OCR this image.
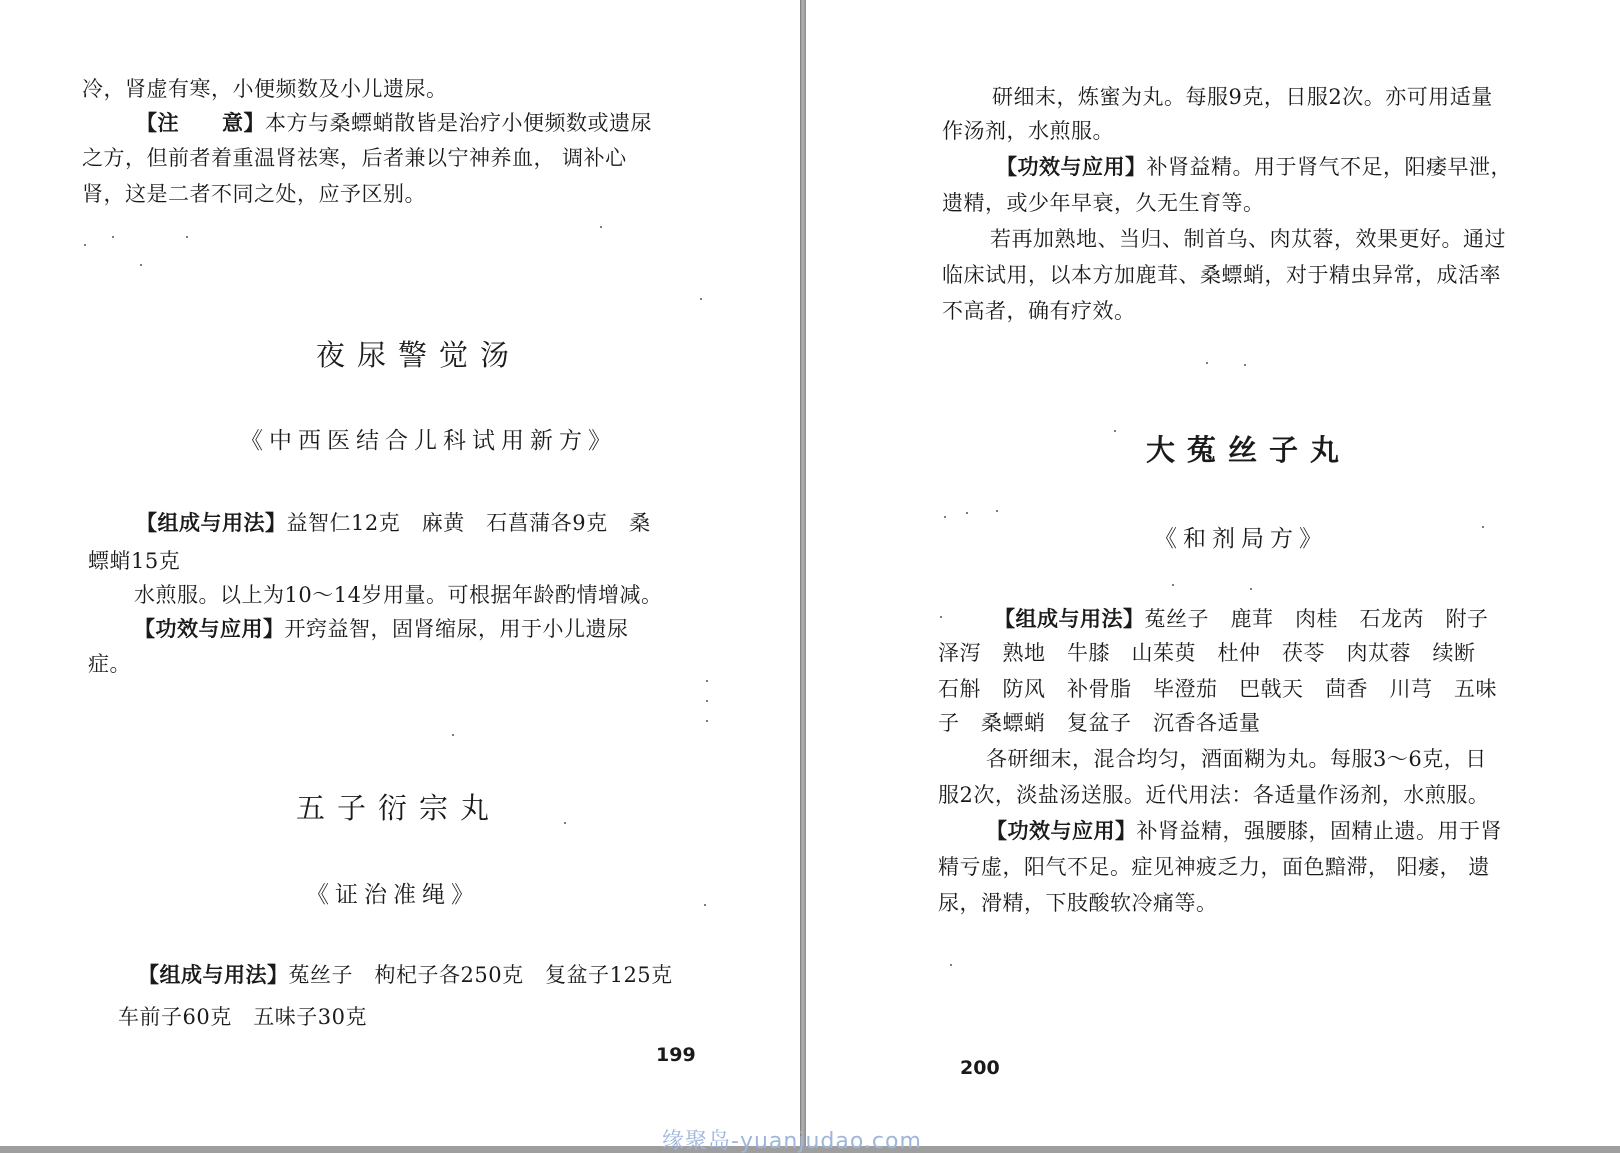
冷，肾虚有寒，小便频数及小儿遗尿。
【注　　意】本方与桑螵蛸散皆是治疗小便频数或遗尿
之方，但前者着重温肾祛寒，后者兼以宁神养血， 调补心
肾，这是二者不同之处，应予区别。
夜尿警觉汤
《中西医结合儿科试用新方》
【组成与用法】益智仁12克　麻黄　石菖蒲各9克　桑
螵蛸15克
水煎服。以上为10～14岁用量。可根据年龄酌情增减。
【功效与应用】开窍益智，固肾缩尿，用于小儿遗尿
症。
五子衍宗丸
《证治准绳》
【组成与用法】菟丝子　枸杞子各250克　复盆子125克
车前子60克　五味子30克
199
研细末，炼蜜为丸。每服9克，日服2次。亦可用适量
作汤剂，水煎服。
【功效与应用】补肾益精。用于肾气不足，阳痿早泄，
遗精，或少年早衰，久无生育等。
若再加熟地、当归、制首乌、肉苁蓉，效果更好。通过
临床试用，以本方加鹿茸、桑螵蛸，对于精虫异常，成活率
不高者，确有疗效。
大菟丝子丸
《和剂局方》
【组成与用法】菟丝子　鹿茸　肉桂　石龙芮　附子
泽泻　熟地　牛膝　山茱萸　杜仲　茯苓　肉苁蓉　续断
石斛　防风　补骨脂　毕澄茄　巴戟天　茴香　川芎　五味
子　桑螵蛸　复盆子　沉香各适量
各研细末，混合均匀，酒面糊为丸。每服3～6克，日
服2次，淡盐汤送服。近代用法：各适量作汤剂，水煎服。
【功效与应用】补肾益精，强腰膝，固精止遗。用于肾
精亏虚，阳气不足。症见神疲乏力，面色黯滞， 阳痿， 遗
尿，滑精，下肢酸软冷痛等。
200
缘聚岛-yuanjudao.com
